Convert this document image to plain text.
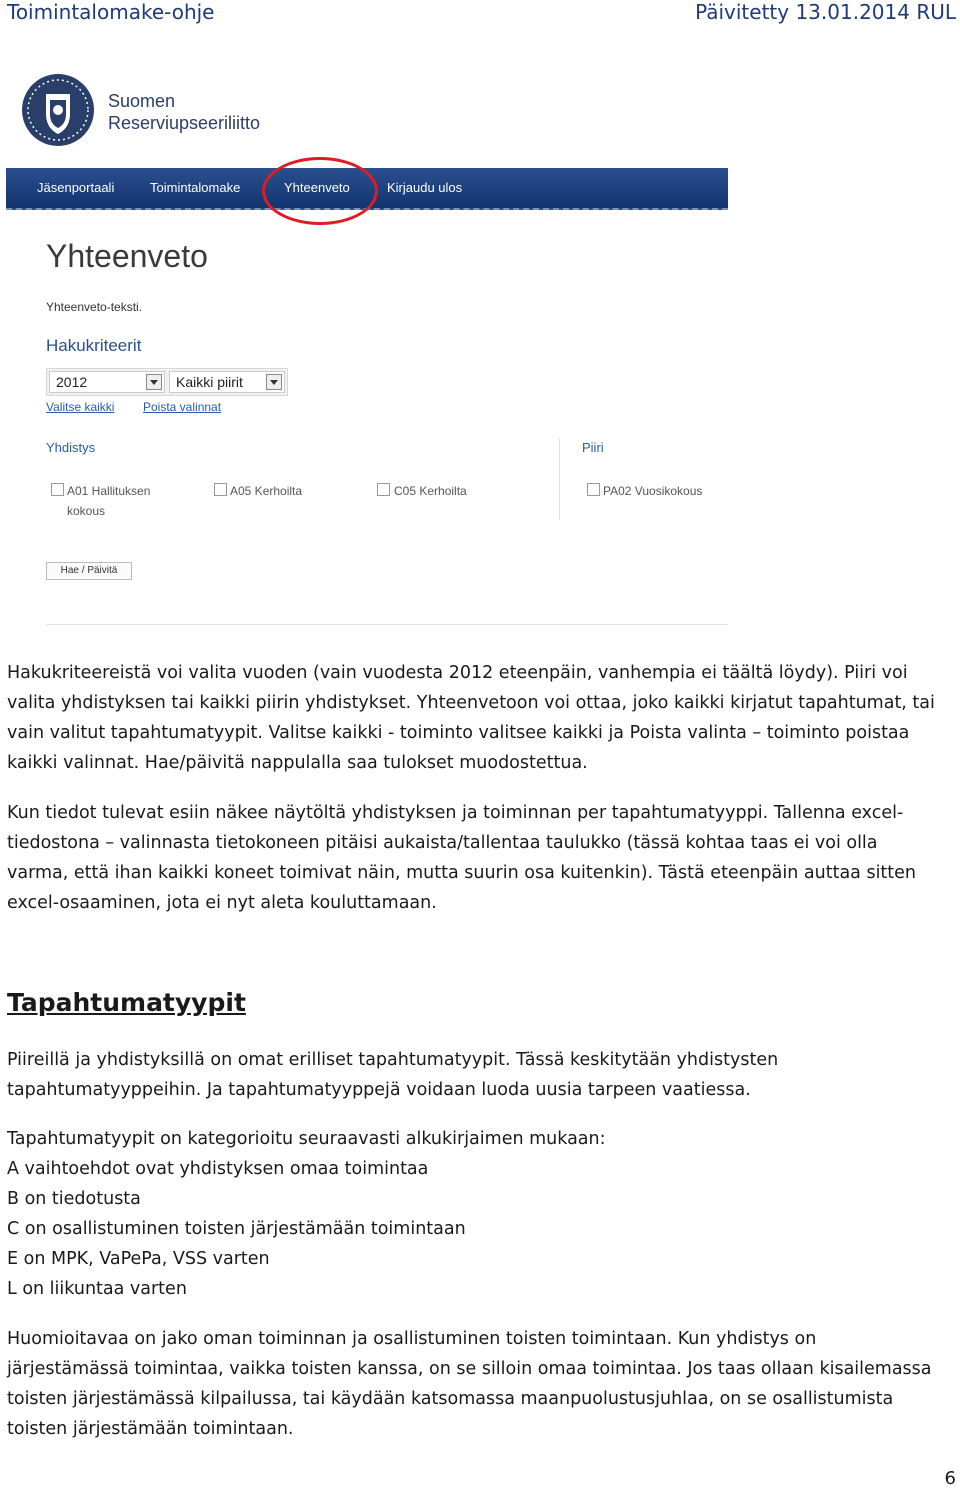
Toimintalomake-ohje	Päivitetty 13.01.2014 RUL
Suomen
Reserviupseeriliitto
Jäsenportaali	Toimintalomake	Yhteenveto	Kirjaudu ulos
Yhteenveto
Yhteenveto-teksti.
Hakukriteerit
2012	Kaikki piirit
Valitse kaikki Poista valinnat
Yhdistys	Piiri
A01 Hallituksen
kokous
A05 Kerhoilta	C05 Kerhoilta	PA02 Vuosikokous
Hae / Päivitä
Hakukriteereistä voi valita vuoden (vain vuodesta 2012 eteenpäin, vanhempia ei täältä löydy). Piiri voi
valita yhdistyksen tai kaikki piirin yhdistykset. Yhteenvetoon voi ottaa, joko kaikki kirjatut tapahtumat, tai
vain valitut tapahtumatyypit. Valitse kaikki - toiminto valitsee kaikki ja Poista valinta – toiminto poistaa
kaikki valinnat. Hae/päivitä nappulalla saa tulokset muodostettua.
Kun tiedot tulevat esiin näkee näytöltä yhdistyksen ja toiminnan per tapahtumatyyppi. Tallenna excel-
tiedostona – valinnasta tietokoneen pitäisi aukaista/tallentaa taulukko (tässä kohtaa taas ei voi olla
varma, että ihan kaikki koneet toimivat näin, mutta suurin osa kuitenkin). Tästä eteenpäin auttaa sitten
excel-osaaminen, jota ei nyt aleta kouluttamaan.
Tapahtumatyypit
Piireillä ja yhdistyksillä on omat erilliset tapahtumatyypit. Tässä keskitytään yhdistysten
tapahtumatyyppeihin. Ja tapahtumatyyppejä voidaan luoda uusia tarpeen vaatiessa.
Tapahtumatyypit on kategorioitu seuraavasti alkukirjaimen mukaan:
A vaihtoehdot ovat yhdistyksen omaa toimintaa
B on tiedotusta
C on osallistuminen toisten järjestämään toimintaan
E on MPK, VaPePa, VSS varten
L on liikuntaa varten
Huomioitavaa on jako oman toiminnan ja osallistuminen toisten toimintaan. Kun yhdistys on
järjestämässä toimintaa, vaikka toisten kanssa, on se silloin omaa toimintaa. Jos taas ollaan kisailemassa
toisten järjestämässä kilpailussa, tai käydään katsomassa maanpuolustusjuhlaa, on se osallistumista
toisten järjestämään toimintaan.
6
